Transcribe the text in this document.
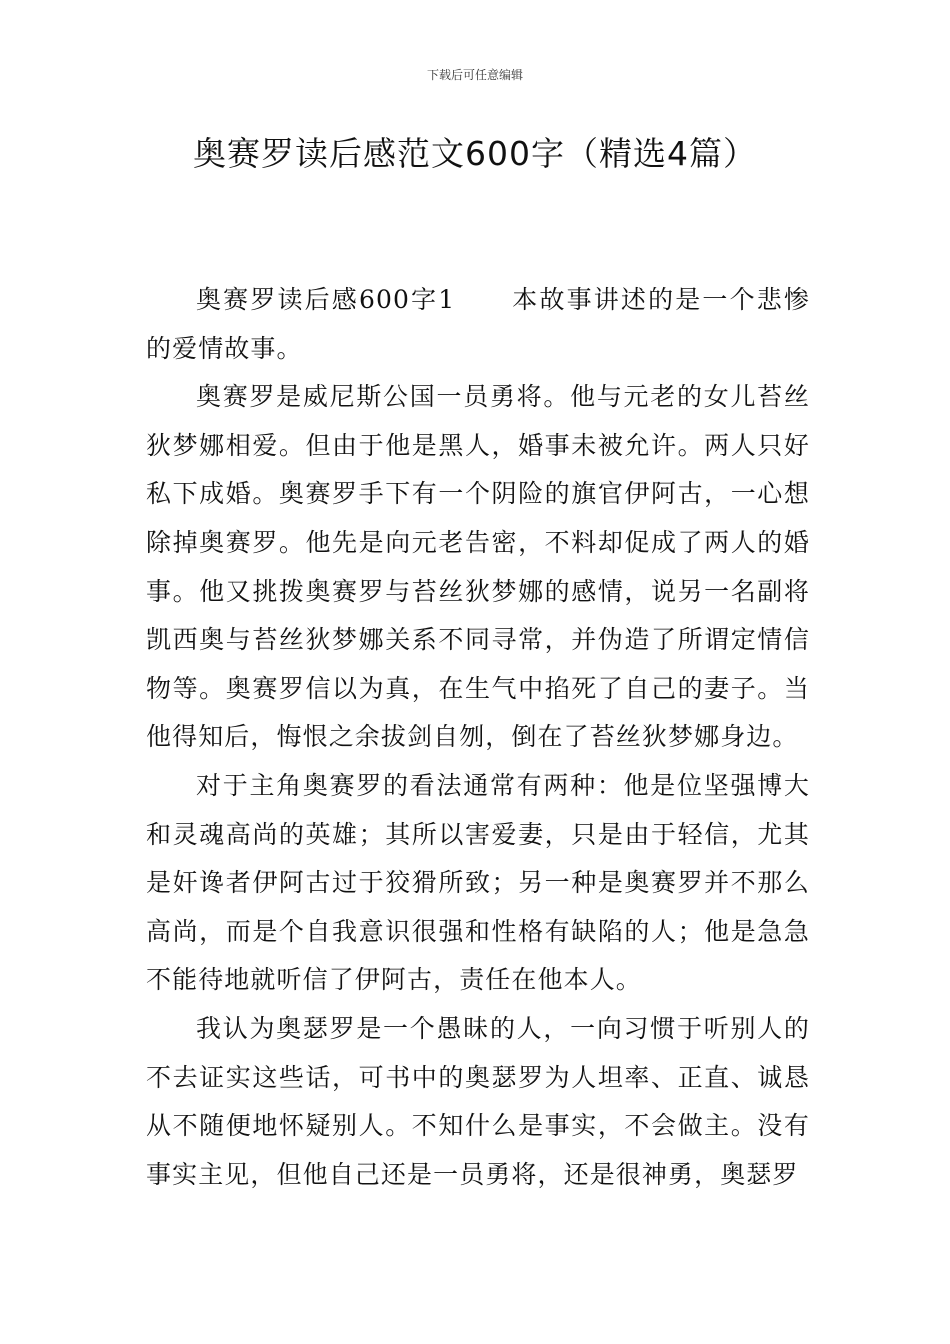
下载后可任意编辑
奥赛罗读后感范文600字（精选4篇）

奥赛罗读后感600字1 本故事讲述的是一个悲惨的爱情故事。

奥赛罗是威尼斯公国一员勇将。他与元老的女儿苔丝狄梦娜相爱。但由于他是黑人，婚事未被允许。两人只好私下成婚。奥赛罗手下有一个阴险的旗官伊阿古，一心想除掉奥赛罗。他先是向元老告密，不料却促成了两人的婚事。他又挑拨奥赛罗与苔丝狄梦娜的感情，说另一名副将凯西奥与苔丝狄梦娜关系不同寻常，并伪造了所谓定情信物等。奥赛罗信以为真，在生气中掐死了自己的妻子。当他得知后，悔恨之余拔剑自刎，倒在了苔丝狄梦娜身边。

对于主角奥赛罗的看法通常有两种：他是位坚强博大和灵魂高尚的英雄；其所以害爱妻，只是由于轻信，尤其是奸谗者伊阿古过于狡猾所致；另一种是奥赛罗并不那么高尚，而是个自我意识很强和性格有缺陷的人；他是急急不能待地就听信了伊阿古，责任在他本人。

我认为奥瑟罗是一个愚昧的人，一向习惯于听别人的不去证实这些话，可书中的奥瑟罗为人坦率、正直、诚恳从不随便地怀疑别人。不知什么是事实，不会做主。没有事实主见，但他自己还是一员勇将，还是很神勇，奥瑟罗
